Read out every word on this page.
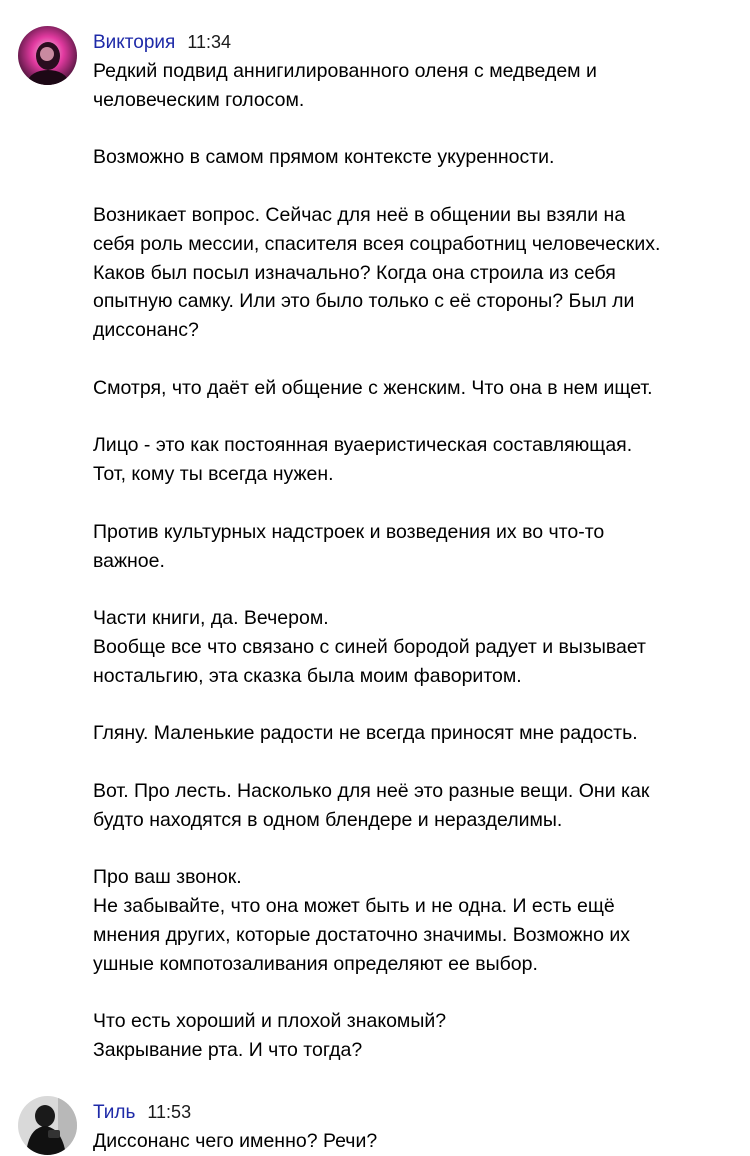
Виктория 11:34
Редкий подвид аннигилированного оленя с медведем и
человеческим голосом.
Возможно в самом прямом контексте укуренности.
Возникает вопрос. Сейчас для неё в общении вы взяли на
себя роль мессии, спасителя всея соцработниц человеческих.
Каков был посыл изначально? Когда она строила из себя
опытную самку. Или это было только с её стороны? Был ли
диссонанс?
Смотря, что даёт ей общение с женским. Что она в нем ищет.
Лицо - это как постоянная вуаеристическая составляющая.
Тот, кому ты всегда нужен.
Против культурных надстроек и возведения их во что-то
важное.
Части книги, да. Вечером.
Вообще все что связано с синей бородой радует и вызывает
ностальгию, эта сказка была моим фаворитом.
Гляну. Маленькие радости не всегда приносят мне радость.
Вот. Про лесть. Насколько для неё это разные вещи. Они как
будто находятся в одном блендере и неразделимы.
Про ваш звонок.
Не забывайте, что она может быть и не одна. И есть ещё
мнения других, которые достаточно значимы. Возможно их
ушные компотозаливания определяют ее выбор.
Что есть хороший и плохой знакомый?
Закрывание рта. И что тогда?
Тиль 11:53
Диссонанс чего именно? Речи?
